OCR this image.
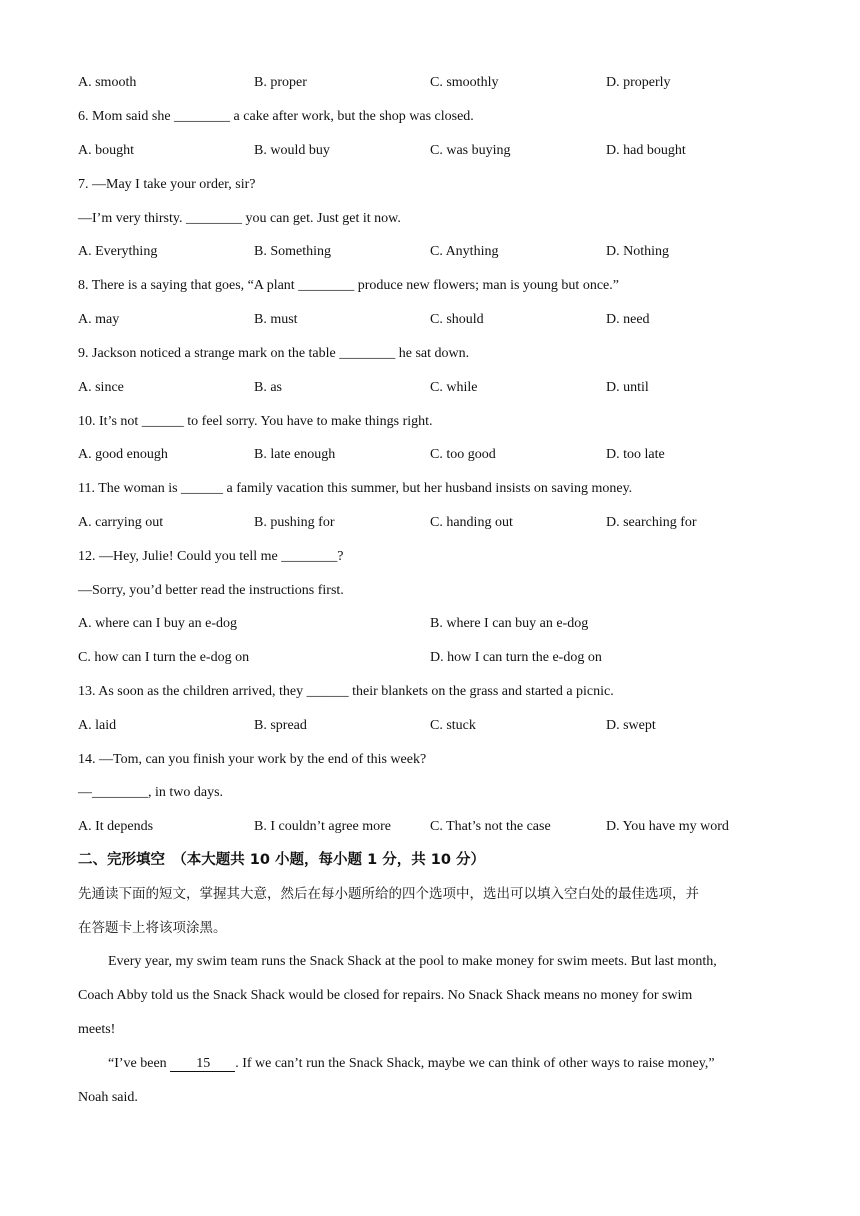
A. smooth	B. proper	C. smoothly	D. properly
6. Mom said she ________ a cake after work, but the shop was closed.
A. bought	B. would buy	C. was buying	D. had bought
7. —May I take your order, sir?
—I’m very thirsty. ________ you can get. Just get it now.
A. Everything	B. Something	C. Anything	D. Nothing
8. There is a saying that goes, “A plant ________ produce new flowers; man is young but once.”
A. may	B. must	C. should	D. need
9. Jackson noticed a strange mark on the table ________ he sat down.
A. since	B. as	C. while	D. until
10. It’s not ______ to feel sorry. You have to make things right.
A. good enough	B. late enough	C. too good	D. too late
11. The woman is ______ a family vacation this summer, but her husband insists on saving money.
A. carrying out	B. pushing for	C. handing out	D. searching for
12. —Hey, Julie! Could you tell me ________?
—Sorry, you’d better read the instructions first.
A. where can I buy an e-dog	B. where I can buy an e-dog
C. how can I turn the e-dog on	D. how I can turn the e-dog on
13. As soon as the children arrived, they ______ their blankets on the grass and started a picnic.
A. laid	B. spread	C. stuck	D. swept
14. —Tom, can you finish your work by the end of this week?
—________, in two days.
A. It depends	B. I couldn’t agree more	C. That’s not the case	D. You have my word
二、完形填空　（本大题共 10 小题，每小题 1 分，共 10 分）
先通读下面的短文，掌握其大意，然后在每小题所给的四个选项中，选出可以填入空白处的最佳选项，并
在答题卡上将该项涂黑。
Every year, my swim team runs the Snack Shack at the pool to make money for swim meets. But last month,
Coach Abby told us the Snack Shack would be closed for repairs. No Snack Shack means no money for swim
meets!
“I’ve been 15 . If we can’t run the Snack Shack, maybe we can think of other ways to raise money,”
Noah said.
